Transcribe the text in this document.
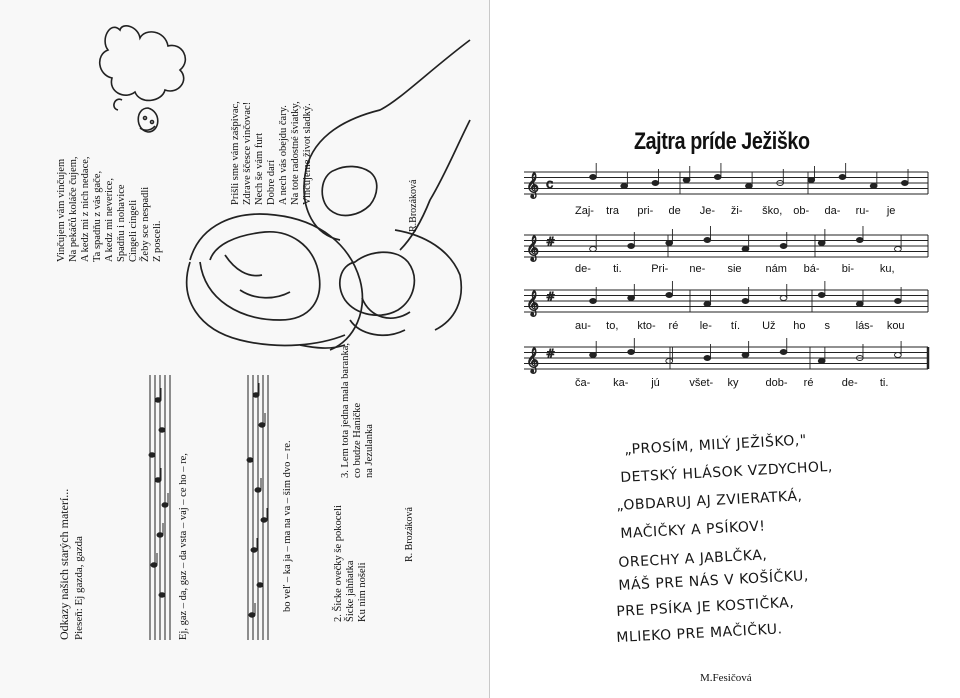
Vinčujem vám vinčujem Na pekáčů koláče čujem, A kedz mi z nich nedace, Ta spadňu z vás gače, A kedz mi neverice, Spadňu i nohavice Cingeli cingeli Žeby sce nespadli Z posceli.
Prišli sme vám zašpivac, Zdrave ščesce vinčovac! Nech še vám furt Dobre darí A nech vás obejdu čary. Na tote radostné šviatky, Vinčujeme život sladký.
R.Brozáková
Odkazy našich starých materí... Pieseň: Ej gazda, gazda	Ej, gaz – da, gaz – da vsta – vaj – ce ho – re,	bo veľ – ka ja – ma na va – šim dvo – re.	2. Šicke ovečky še pokoceli Šicke jahňatka Ku nim nošeli
3. Lem tota jedna mala baranka, co budze Haničke na Jezulanka
R. Brozáková
Zajtra príde Ježiško
𝄞
𝄞
𝄞
𝄞
c
#
#
#
Zaj- tra pri- de Je- ži- ško, ob- da- ru- je
de- ti.	Pri- ne- sie nám bá- bi- ku,
au- to, kto- ré le- tí. Už ho s lás- kou
ča- ka- jú	všet- ky dob- ré	de- ti.
„PROSÍM, MILÝ JEŽIŠKO,"
DETSKÝ HLÁSOK VZDYCHOL,
„OBDARUJ AJ ZVIERATKÁ,
MAČIČKY A PSÍKOV!
ORECHY A JABLČKA,
MÁŠ PRE NÁS V KOŠÍČKU,
PRE PSÍKA JE KOSTIČKA,
MLIEKO PRE MAČIČKU.
M.Fesičová
